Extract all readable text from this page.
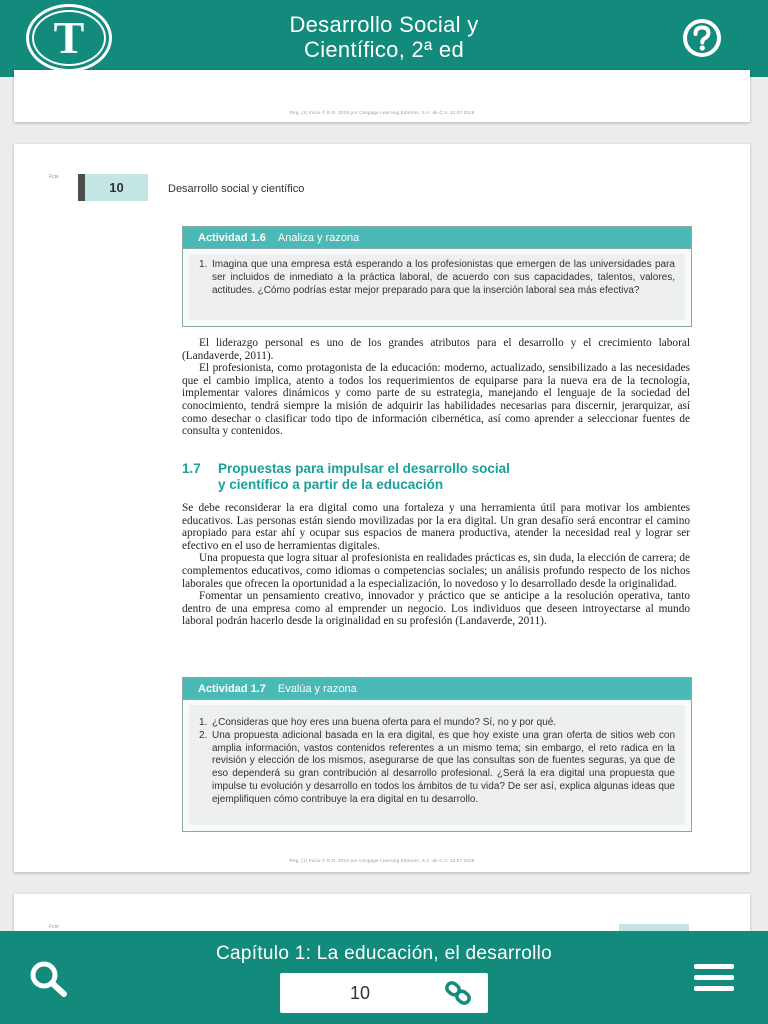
T	Desarrollo Social y
Científico, 2ª ed
Reg. (1) Inicio © D.R. 2019 por Cengage Learning Editores, S.A. de C.V. 12.07.2019
Fcte
10	Desarrollo social y científico
Actividad 1.6 Analiza y razona
1. Imagina que una empresa está esperando a los profesionistas que emergen de las universidades para ser incluidos de inmediato a la práctica laboral, de acuerdo con sus capacidades, talentos, valores, actitudes. ¿Cómo podrías estar mejor preparado para que la inserción laboral sea más efectiva?

El liderazgo personal es uno de los grandes atributos para el desarrollo y el crecimiento laboral (Landaverde, 2011).

El profesionista, como protagonista de la educación: moderno, actualizado, sensibilizado a las necesidades que el cambio implica, atento a todos los requerimientos de equiparse para la nueva era de la tecnología, implementar valores dinámicos y como parte de su estrategia, manejando el lenguaje de la sociedad del conocimiento, tendrá siempre la misión de adquirir las habilidades necesarias para discernir, jerarquizar, así como desechar o clasificar todo tipo de información cibernética, así como aprender a seleccionar fuentes de consulta y contenidos.

1.7 Propuestas para impulsar el desarrollo social
y científico a partir de la educación

Se debe reconsiderar la era digital como una fortaleza y una herramienta útil para motivar los ambientes educativos. Las personas están siendo movilizadas por la era digital. Un gran desafío será encontrar el camino apropiado para estar ahí y ocupar sus espacios de manera productiva, atender la necesidad real y lograr ser efectivo en el uso de herramientas digitales.

Una propuesta que logra situar al profesionista en realidades prácticas es, sin duda, la elección de carrera; de complementos educativos, como idiomas o competencias sociales; un análisis profundo respecto de los nichos laborales que ofrecen la oportunidad a la especialización, lo novedoso y lo desarrollado desde la originalidad.

Fomentar un pensamiento creativo, innovador y práctico que se anticipe a la resolución operativa, tanto dentro de una empresa como al emprender un negocio. Los individuos que deseen introyectarse al mundo laboral podrán hacerlo desde la originalidad en su profesión (Landaverde, 2011).

Actividad 1.7 Evalúa y razona
1. ¿Consideras que hoy eres una buena oferta para el mundo? Sí, no y por qué.
2. Una propuesta adicional basada en la era digital, es que hoy existe una gran oferta de sitios web con amplia información, vastos contenidos referentes a un mismo tema; sin embargo, el reto radica en la revisión y elección de los mismos, asegurarse de que las consultas son de fuentes seguras, ya que de eso dependerá su gran contribución al desarrollo profesional. ¿Será la era digital una propuesta que impulse tu evolución y desarrollo en todos los ámbitos de tu vida? De ser así, explica algunas ideas que ejemplifiquen cómo contribuye la era digital en tu desarrollo.
Reg. (1) Inicio © D.R. 2019 por Cengage Learning Editores, S.A. de C.V. 12.07.2019
Fcte
Capítulo 1: La educación, el desarrollo
10
